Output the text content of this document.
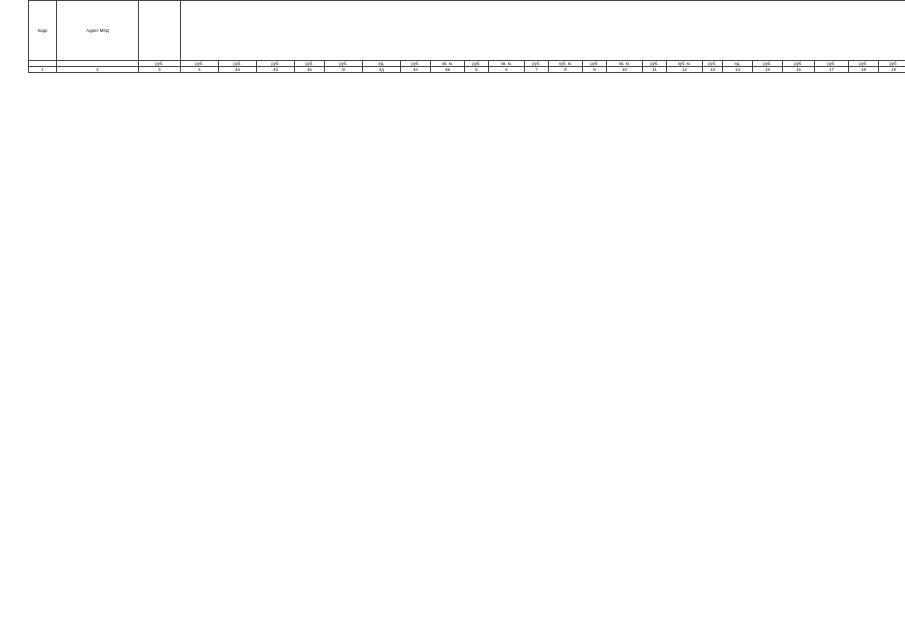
Кадр	Адрес МКД																								
		руб.	руб.	руб.	руб.	руб.	руб.	ед.	руб.	кв. м.	руб.	кв. м.	руб.	куб. м.	руб.	кв. м.	руб.	куб. м.	руб.	ед.	руб.	руб.	руб.	руб.	руб.
1	2	3	4	4а	4б	4в	4г	4д	4е	4ж	5	6	7	8	9	10	11	12	13	14	15	16	17	18	19
